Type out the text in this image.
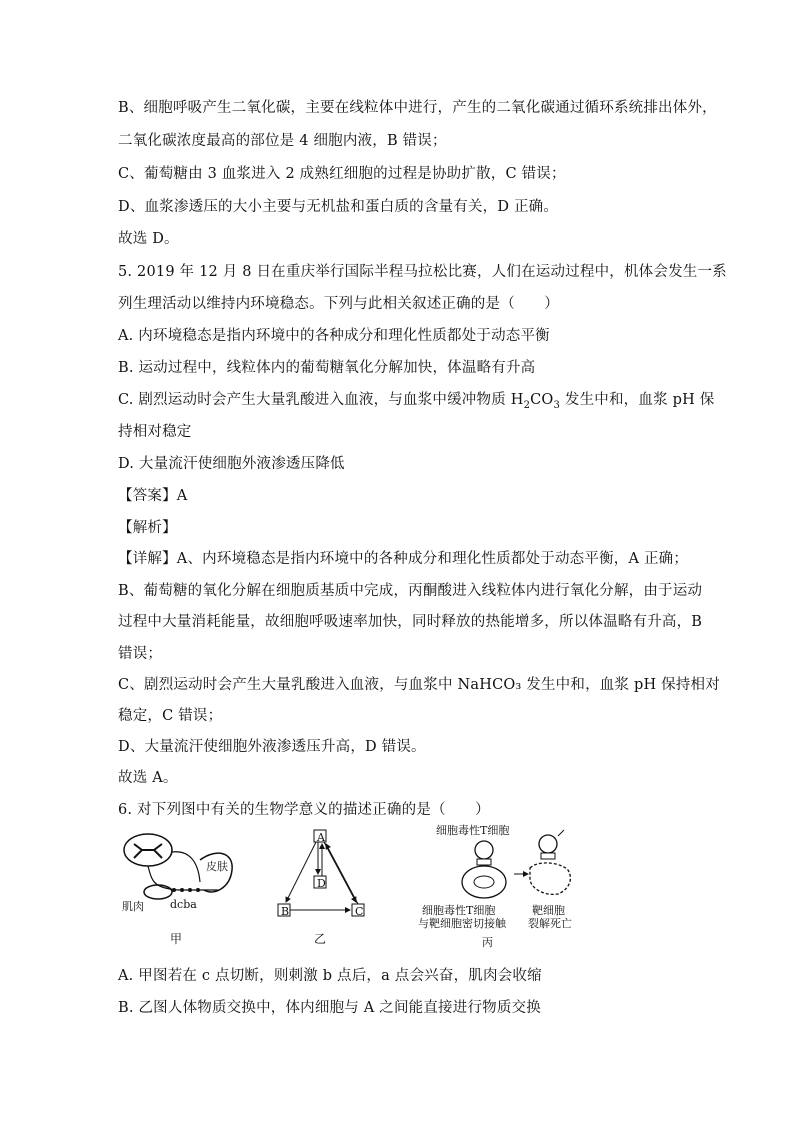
B、细胞呼吸产生二氧化碳，主要在线粒体中进行，产生的二氧化碳通过循环系统排出体外，
二氧化碳浓度最高的部位是 4 细胞内液，B 错误；
C、葡萄糖由 3 血浆进入 2 成熟红细胞的过程是协助扩散，C 错误；
D、血浆渗透压的大小主要与无机盐和蛋白质的含量有关，D 正确。
故选 D。
5. 2019 年 12 月 8 日在重庆举行国际半程马拉松比赛，人们在运动过程中，机体会发生一系
列生理活动以维持内环境稳态。下列与此相关叙述正确的是（　　）
A. 内环境稳态是指内环境中的各种成分和理化性质都处于动态平衡
B. 运动过程中，线粒体内的葡萄糖氧化分解加快，体温略有升高
C. 剧烈运动时会产生大量乳酸进入血液，与血浆中缓冲物质 $H_2CO_3$ 发生中和，血浆 pH 保
持相对稳定
D. 大量流汗使细胞外液渗透压降低
【答案】A
【解析】
【详解】A、内环境稳态是指内环境中的各种成分和理化性质都处于动态平衡，A 正确；
B、葡萄糖的氧化分解在细胞质基质中完成，丙酮酸进入线粒体内进行氧化分解，由于运动
过程中大量消耗能量，故细胞呼吸速率加快，同时释放的热能增多，所以体温略有升高，B
错误；
C、剧烈运动时会产生大量乳酸进入血液，与血浆中 NaHCO₃ 发生中和，血浆 pH 保持相对
稳定，C 错误；
D、大量流汗使细胞外液渗透压升高，D 错误。
故选 A。
6. 对下列图中有关的生物学意义的描述正确的是（　　）
皮肤
肌肉 dcba
甲
A
D
B	C
乙
细胞毒性T细胞
细胞毒性T细胞
与靶细胞密切接触
靶细胞
裂解死亡
丙
A. 甲图若在 c 点切断，则刺激 b 点后，a 点会兴奋，肌肉会收缩
B. 乙图人体物质交换中，体内细胞与 A 之间能直接进行物质交换
